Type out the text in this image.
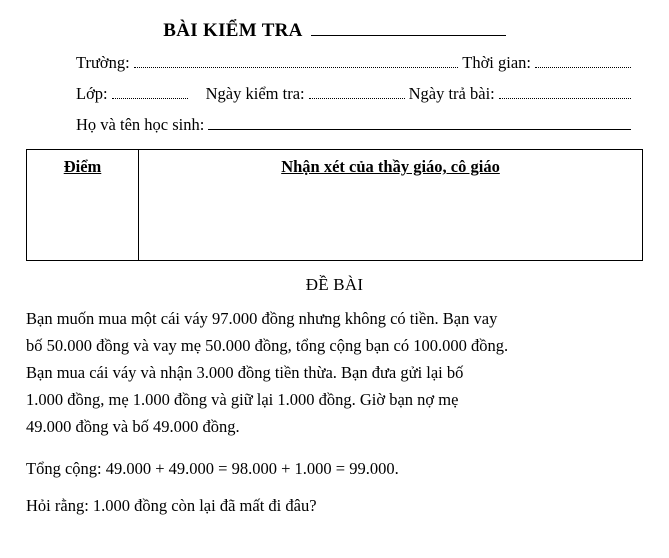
BÀI KIỂM TRA
Trường:	Thời gian:
Lớp:	Ngày kiểm tra:	Ngày trả bài:
Họ và tên học sinh:
Điểm	Nhận xét của thầy giáo, cô giáo
ĐỀ BÀI
Bạn muốn mua một cái váy 97.000 đồng nhưng không có tiền. Bạn vay
bố 50.000 đồng và vay mẹ 50.000 đồng, tổng cộng bạn có 100.000 đồng.
Bạn mua cái váy và nhận 3.000 đồng tiền thừa. Bạn đưa gửi lại bố
1.000 đồng, mẹ 1.000 đồng và giữ lại 1.000 đồng. Giờ bạn nợ mẹ
49.000 đồng và bố 49.000 đồng.
Tổng cộng: 49.000 + 49.000 = 98.000 + 1.000 = 99.000.
Hỏi rằng: 1.000 đồng còn lại đã mất đi đâu?
